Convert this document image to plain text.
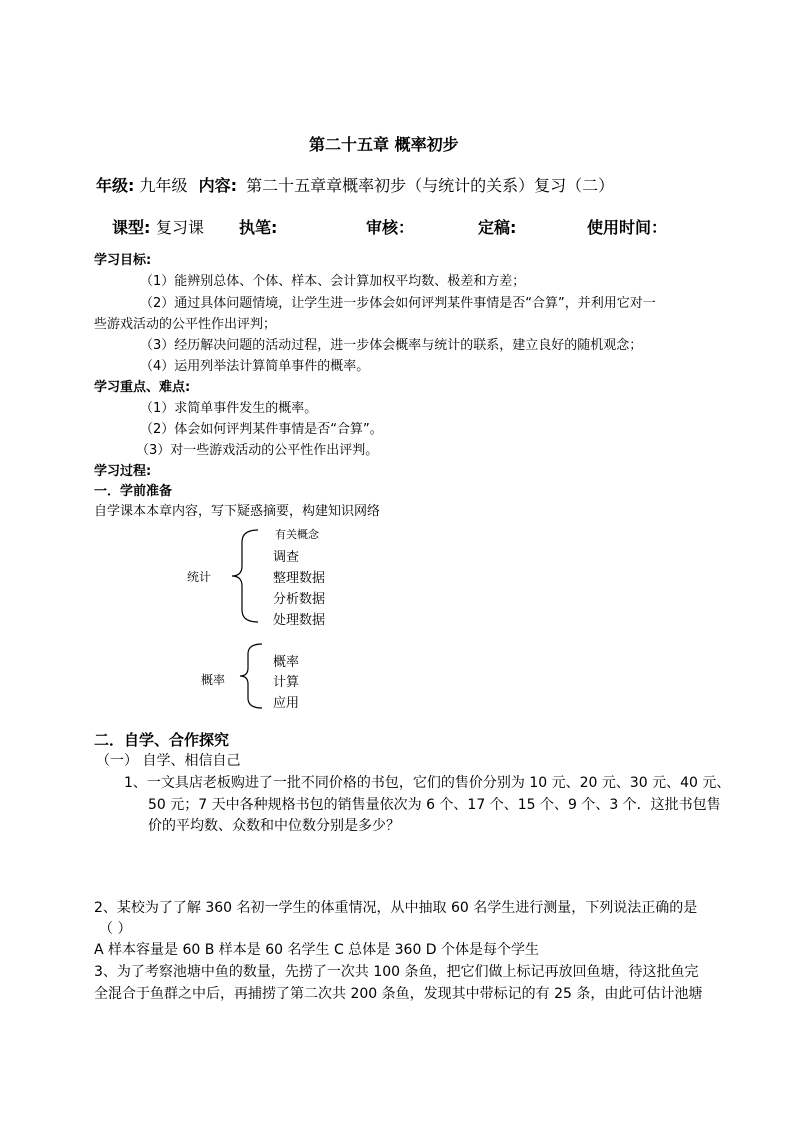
第二十五章 概率初步
年级: 九年级 内容: 第二十五章章概率初步（与统计的关系）复习（二）
课型: 复习课 执笔:	审核：	定稿:	使用时间：
学习目标:
（1）能辨别总体、个体、样本、会计算加权平均数、极差和方差；
（2）通过具体问题情境，让学生进一步体会如何评判某件事情是否“合算”，并利用它对一
些游戏活动的公平性作出评判；
（3）经历解决问题的活动过程，进一步体会概率与统计的联系，建立良好的随机观念；
（4）运用列举法计算简单事件的概率。
学习重点、难点:
（1）求简单事件发生的概率。
（2）体会如何评判某件事情是否“合算”。
（3）对一些游戏活动的公平性作出评判。
学习过程:
一．学前准备
自学课本本章内容，写下疑惑摘要，构建知识网络
统计
有关概念
调查
整理数据
分析数据
处理数据
概率
概率
计算
应用
二．自学、合作探究
（一） 自学、相信自己
1、一文具店老板购进了一批不同价格的书包，它们的售价分别为 10 元、20 元、30 元、40 元、
50 元；7 天中各种规格书包的销售量依次为 6 个、17 个、15 个、9 个、3 个．这批书包售
价的平均数、众数和中位数分别是多少？
2、某校为了了解 360 名初一学生的体重情况，从中抽取 60 名学生进行测量，下列说法正确的是
（ ）
A 样本容量是 60 B 样本是 60 名学生 C 总体是 360 D 个体是每个学生
3、为了考察池塘中鱼的数量，先捞了一次共 100 条鱼，把它们做上标记再放回鱼塘，待这批鱼完
全混合于鱼群之中后，再捕捞了第二次共 200 条鱼，发现其中带标记的有 25 条，由此可估计池塘
